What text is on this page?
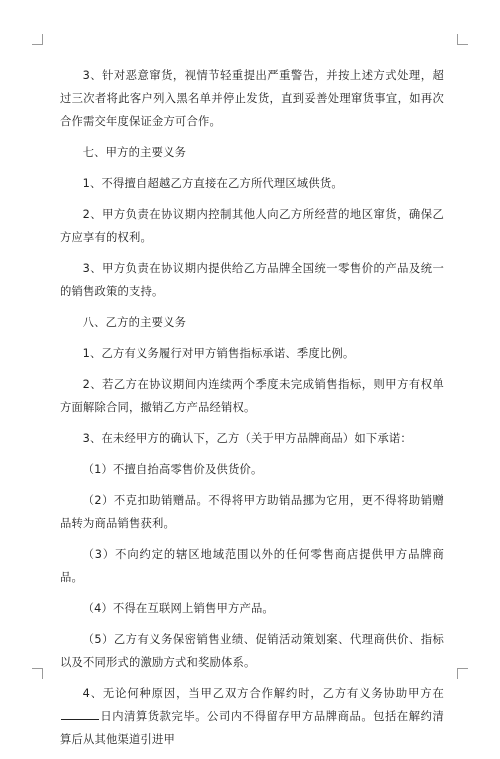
3、针对恶意窜货，视情节轻重提出严重警告，并按上述方式处理，超过三次者将此客户列入黑名单并停止发货，直到妥善处理窜货事宜，如再次合作需交年度保证金方可合作。

七、甲方的主要义务

1、不得擅自超越乙方直接在乙方所代理区域供货。

2、甲方负责在协议期内控制其他人向乙方所经营的地区窜货，确保乙方应享有的权利。

3、甲方负责在协议期内提供给乙方品牌全国统一零售价的产品及统一的销售政策的支持。

八、乙方的主要义务

1、乙方有义务履行对甲方销售指标承诺、季度比例。

2、若乙方在协议期间内连续两个季度未完成销售指标，则甲方有权单方面解除合同，撤销乙方产品经销权。

3、在未经甲方的确认下，乙方（关于甲方品牌商品）如下承诺：

（1）不擅自抬高零售价及供货价。

（2）不克扣助销赠品。不得将甲方助销品挪为它用，更不得将助销赠品转为商品销售获利。

（3）不向约定的辖区地域范围以外的任何零售商店提供甲方品牌商品。

（4）不得在互联网上销售甲方产品。

（5）乙方有义务保密销售业绩、促销活动策划案、代理商供价、指标以及不同形式的激励方式和奖励体系。

4、无论何种原因，当甲乙双方合作解约时，乙方有义务协助甲方在日内清算货款完毕。公司内不得留存甲方品牌商品。包括在解约清算后从其他渠道引进甲
